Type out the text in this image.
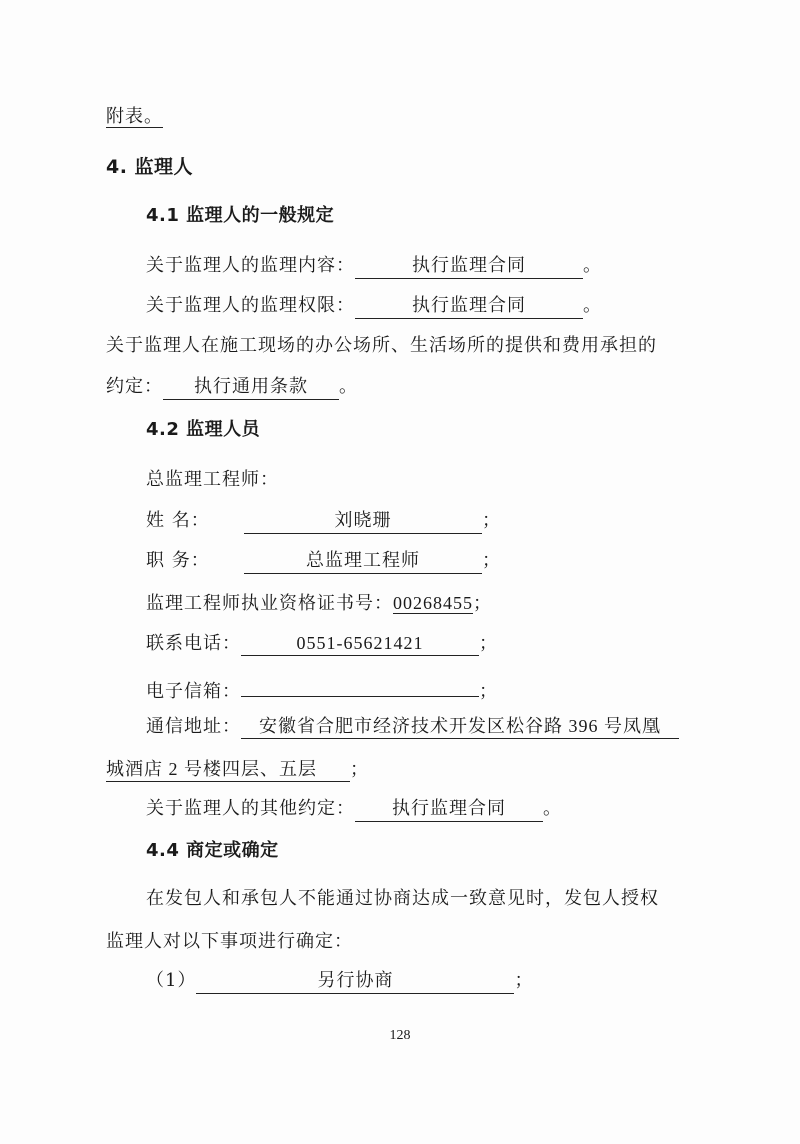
附表。
4. 监理人
4.1 监理人的一般规定
关于监理人的监理内容：	执行监理合同	。
关于监理人的监理权限：	执行监理合同	。
关于监理人在施工现场的办公场所、生活场所的提供和费用承担的
约定： 执行通用条款 。
4.2 监理人员
总监理工程师：
姓 名：	刘晓珊	；
职 务：	总监理工程师	；
监理工程师执业资格证书号：00268455；
联系电话：	0551-65621421	；
电子信箱：	；
通信地址： 安徽省合肥市经济技术开发区松谷路 396 号凤凰
城酒店 2 号楼四层、五层 ；
关于监理人的其他约定： 执行监理合同 。
4.4 商定或确定
在发包人和承包人不能通过协商达成一致意见时，发包人授权
监理人对以下事项进行确定：
（1）	另行协商	；
128
